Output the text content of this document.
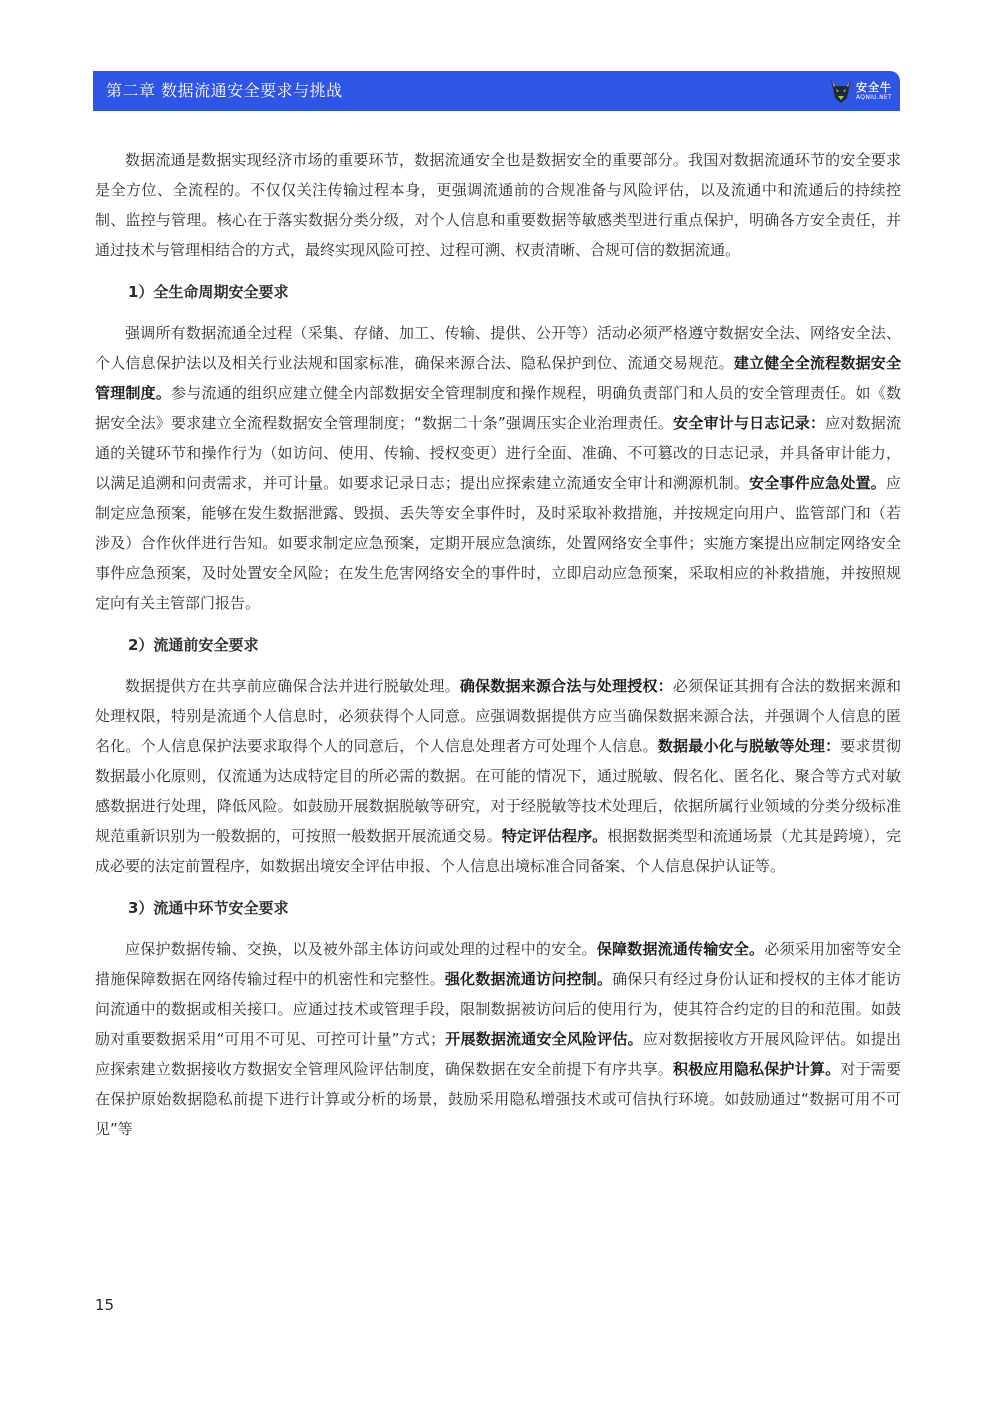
第二章 数据流通安全要求与挑战	安全牛
AQNIU.NET

数据流通是数据实现经济市场的重要环节，数据流通安全也是数据安全的重要部分。我国对数据流通环节的安全要求是全方位、全流程的。不仅仅关注传输过程本身，更强调流通前的合规准备与风险评估，以及流通中和流通后的持续控制、监控与管理。核心在于落实数据分类分级，对个人信息和重要数据等敏感类型进行重点保护，明确各方安全责任，并通过技术与管理相结合的方式，最终实现风险可控、过程可溯、权责清晰、合规可信的数据流通。

1）全生命周期安全要求

强调所有数据流通全过程（采集、存储、加工、传输、提供、公开等）活动必须严格遵守数据安全法、网络安全法、个人信息保护法以及相关行业法规和国家标准，确保来源合法、隐私保护到位、流通交易规范。建立健全全流程数据安全管理制度。参与流通的组织应建立健全内部数据安全管理制度和操作规程，明确负责部门和人员的安全管理责任。如《数据安全法》要求建立全流程数据安全管理制度；“数据二十条”强调压实企业治理责任。安全审计与日志记录：应对数据流通的关键环节和操作行为（如访问、使用、传输、授权变更）进行全面、准确、不可篡改的日志记录，并具备审计能力，以满足追溯和问责需求，并可计量。如要求记录日志；提出应探索建立流通安全审计和溯源机制。安全事件应急处置。应制定应急预案，能够在发生数据泄露、毁损、丢失等安全事件时，及时采取补救措施，并按规定向用户、监管部门和（若涉及）合作伙伴进行告知。如要求制定应急预案，定期开展应急演练，处置网络安全事件；实施方案提出应制定网络安全事件应急预案，及时处置安全风险；在发生危害网络安全的事件时，立即启动应急预案，采取相应的补救措施，并按照规定向有关主管部门报告。

2）流通前安全要求

数据提供方在共享前应确保合法并进行脱敏处理。确保数据来源合法与处理授权：必须保证其拥有合法的数据来源和处理权限，特别是流通个人信息时，必须获得个人同意。应强调数据提供方应当确保数据来源合法，并强调个人信息的匿名化。个人信息保护法要求取得个人的同意后，个人信息处理者方可处理个人信息。数据最小化与脱敏等处理：要求贯彻数据最小化原则，仅流通为达成特定目的所必需的数据。在可能的情况下，通过脱敏、假名化、匿名化、聚合等方式对敏感数据进行处理，降低风险。如鼓励开展数据脱敏等研究，对于经脱敏等技术处理后，依据所属行业领域的分类分级标准规范重新识别为一般数据的，可按照一般数据开展流通交易。特定评估程序。根据数据类型和流通场景（尤其是跨境），完成必要的法定前置程序，如数据出境安全评估申报、个人信息出境标准合同备案、个人信息保护认证等。

3）流通中环节安全要求

应保护数据传输、交换，以及被外部主体访问或处理的过程中的安全。保障数据流通传输安全。必须采用加密等安全措施保障数据在网络传输过程中的机密性和完整性。强化数据流通访问控制。确保只有经过身份认证和授权的主体才能访问流通中的数据或相关接口。应通过技术或管理手段，限制数据被访问后的使用行为，使其符合约定的目的和范围。如鼓励对重要数据采用“可用不可见、可控可计量”方式；开展数据流通安全风险评估。应对数据接收方开展风险评估。如提出应探索建立数据接收方数据安全管理风险评估制度，确保数据在安全前提下有序共享。积极应用隐私保护计算。对于需要在保护原始数据隐私前提下进行计算或分析的场景，鼓励采用隐私增强技术或可信执行环境。如鼓励通过“数据可用不可见”等

15
